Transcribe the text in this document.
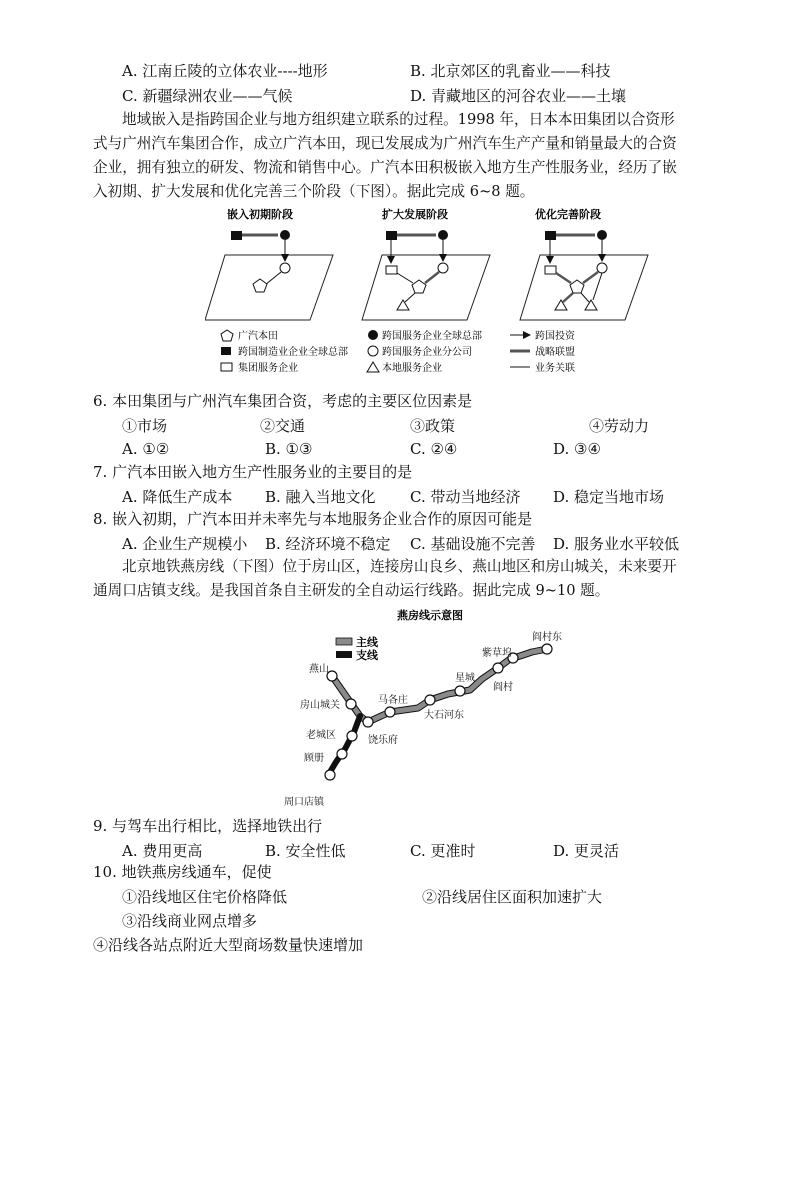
A. 江南丘陵的立体农业----地形	B. 北京郊区的乳畜业——科技
C. 新疆绿洲农业——气候	D. 青藏地区的河谷农业——土壤
地域嵌入是指跨国企业与地方组织建立联系的过程。1998 年，日本本田集团以合资形
式与广州汽车集团合作，成立广汽本田，现已发展成为广州汽车生产产量和销量最大的合资
企业，拥有独立的研发、物流和销售中心。广汽本田积极嵌入地方生产性服务业，经历了嵌
入初期、扩大发展和优化完善三个阶段（下图）。据此完成 6~8 题。
嵌入初期阶段	扩大发展阶段	优化完善阶段
广汽本田
跨国制造业企业全球总部
跨国服务企业全球总部
跨国服务企业分公司
跨国投资
战略联盟
集团服务企业	本地服务企业	业务关联
6. 本田集团与广州汽车集团合资，考虑的主要区位因素是
①市场	②交通	③政策	④劳动力
A. ①②	B. ①③	C. ②④	D. ③④
7. 广汽本田嵌入地方生产性服务业的主要目的是
A. 降低生产成本 B. 融入当地文化 C. 带动当地经济 D. 稳定当地市场
8. 嵌入初期，广汽本田并未率先与本地服务企业合作的原因可能是
A. 企业生产规模小 B. 经济环境不稳定 C. 基础设施不完善 D. 服务业水平较低
北京地铁燕房线（下图）位于房山区，连接房山良乡、燕山地区和房山城关，未来要开
通周口店镇支线。是我国首条自主研发的全自动运行线路。据此完成 9~10 题。
燕房线示意图
主线
支线
燕山
房山城关
饶乐府
马各庄
大石河东
星城
紫草坞
阎村
阎村东
老城区
顾册
周口店镇
9. 与驾车出行相比，选择地铁出行
A. 费用更高	B. 安全性低	C. 更准时	D. 更灵活
10. 地铁燕房线通车，促使
①沿线地区住宅价格降低	②沿线居住区面积加速扩大
③沿线商业网点增多
④沿线各站点附近大型商场数量快速增加
